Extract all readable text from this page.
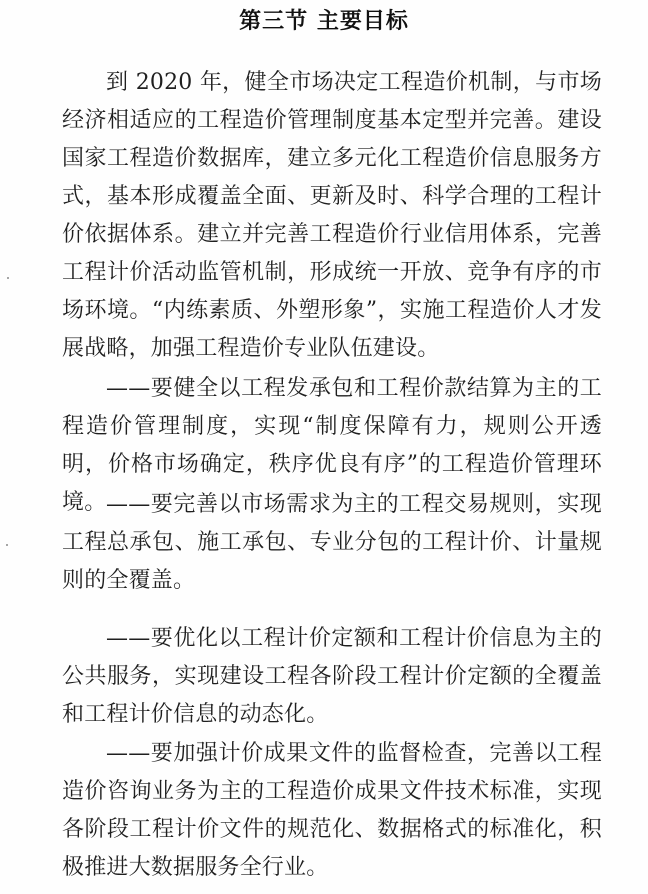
第三节 主要目标

到 2020 年，健全市场决定工程造价机制，与市场经济相适应的工程造价管理制度基本定型并完善。建设国家工程造价数据库，建立多元化工程造价信息服务方式，基本形成覆盖全面、更新及时、科学合理的工程计价依据体系。建立并完善工程造价行业信用体系，完善工程计价活动监管机制，形成统一开放、竞争有序的市场环境。“内练素质、外塑形象”，实施工程造价人才发展战略，加强工程造价专业队伍建设。

——要健全以工程发承包和工程价款结算为主的工程造价管理制度，实现“制度保障有力，规则公开透明，价格市场确定，秩序优良有序”的工程造价管理环境。 ——要完善以市场需求为主的工程交易规则，实现工程总承包、施工承包、专业分包的工程计价、计量规则的全覆盖。

——要优化以工程计价定额和工程计价信息为主的公共服务，实现建设工程各阶段工程计价定额的全覆盖和工程计价信息的动态化。

——要加强计价成果文件的监督检查，完善以工程造价咨询业务为主的工程造价成果文件技术标准，实现各阶段工程计价文件的规范化、数据格式的标准化，积极推进大数据服务全行业。
